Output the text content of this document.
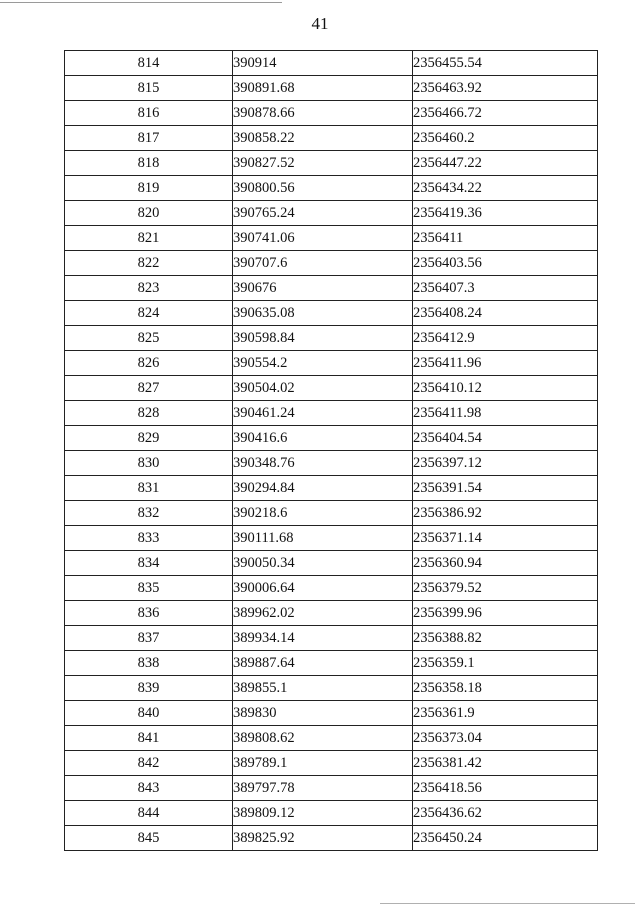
41
814	390914	2356455.54
815	390891.68	2356463.92
816	390878.66	2356466.72
817	390858.22	2356460.2
818	390827.52	2356447.22
819	390800.56	2356434.22
820	390765.24	2356419.36
821	390741.06	2356411
822	390707.6	2356403.56
823	390676	2356407.3
824	390635.08	2356408.24
825	390598.84	2356412.9
826	390554.2	2356411.96
827	390504.02	2356410.12
828	390461.24	2356411.98
829	390416.6	2356404.54
830	390348.76	2356397.12
831	390294.84	2356391.54
832	390218.6	2356386.92
833	390111.68	2356371.14
834	390050.34	2356360.94
835	390006.64	2356379.52
836	389962.02	2356399.96
837	389934.14	2356388.82
838	389887.64	2356359.1
839	389855.1	2356358.18
840	389830	2356361.9
841	389808.62	2356373.04
842	389789.1	2356381.42
843	389797.78	2356418.56
844	389809.12	2356436.62
845	389825.92	2356450.24
